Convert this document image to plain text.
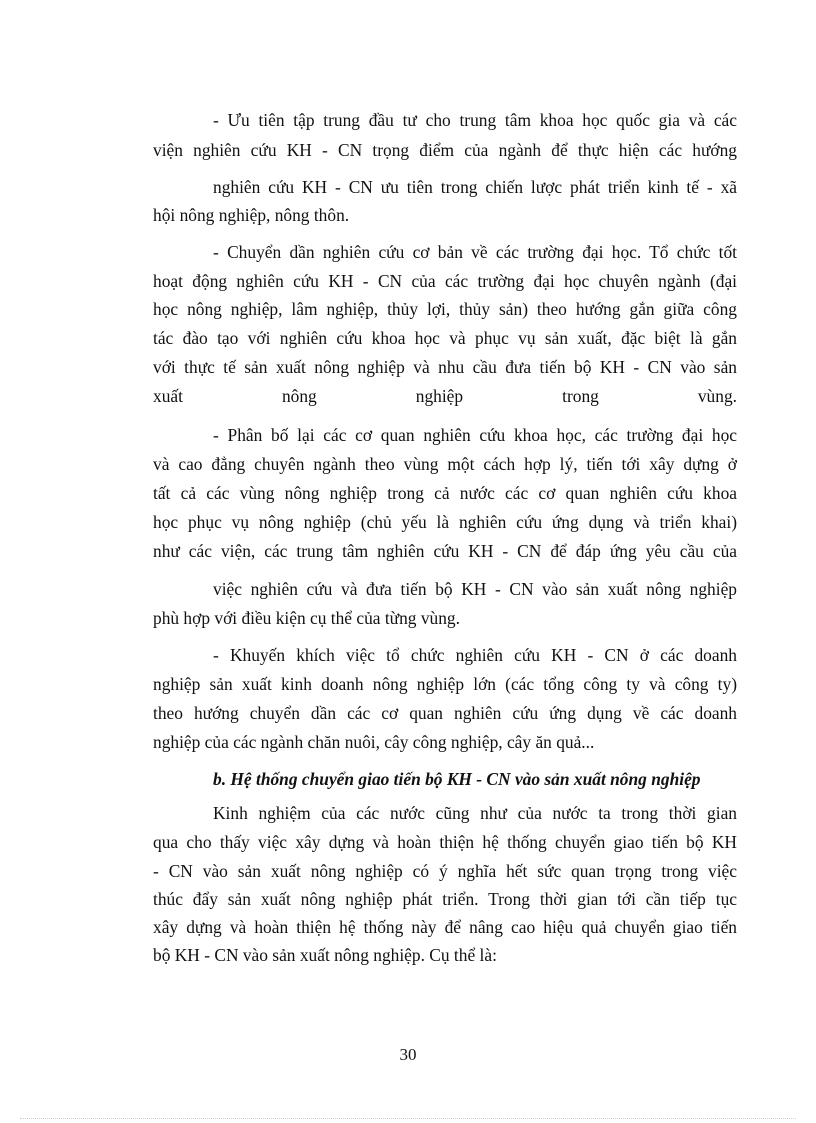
- Ưu tiên tập trung đầu tư cho trung tâm khoa học quốc gia và các
viện nghiên cứu KH - CN trọng điểm của ngành để thực hiện các hướng
nghiên cứu KH - CN ưu tiên trong chiến lược phát triển kinh tế - xã
hội nông nghiệp, nông thôn.
- Chuyển dần nghiên cứu cơ bản về các trường đại học. Tổ chức tốt
hoạt động nghiên cứu KH - CN của các trường đại học chuyên ngành (đại
học nông nghiệp, lâm nghiệp, thủy lợi, thủy sản) theo hướng gắn giữa công
tác đào tạo với nghiên cứu khoa học và phục vụ sản xuất, đặc biệt là gắn
với thực tế sản xuất nông nghiệp và nhu cầu đưa tiến bộ KH - CN vào sản
xuất nông nghiệp trong vùng.
- Phân bố lại các cơ quan nghiên cứu khoa học, các trường đại học
và cao đẳng chuyên ngành theo vùng một cách hợp lý, tiến tới xây dựng ở
tất cả các vùng nông nghiệp trong cả nước các cơ quan nghiên cứu khoa
học phục vụ nông nghiệp (chủ yếu là nghiên cứu ứng dụng và triển khai)
như các viện, các trung tâm nghiên cứu KH - CN để đáp ứng yêu cầu của
việc nghiên cứu và đưa tiến bộ KH - CN vào sản xuất nông nghiệp
phù hợp với điều kiện cụ thể của từng vùng.
- Khuyến khích việc tổ chức nghiên cứu KH - CN ở các doanh
nghiệp sản xuất kinh doanh nông nghiệp lớn (các tổng công ty và công ty)
theo hướng chuyển dần các cơ quan nghiên cứu ứng dụng về các doanh
nghiệp của các ngành chăn nuôi, cây công nghiệp, cây ăn quả...
b. Hệ thống chuyển giao tiến bộ KH - CN vào sản xuất nông nghiệp
Kinh nghiệm của các nước cũng như của nước ta trong thời gian
qua cho thấy việc xây dựng và hoàn thiện hệ thống chuyển giao tiến bộ KH
- CN vào sản xuất nông nghiệp có ý nghĩa hết sức quan trọng trong việc
thúc đẩy sản xuất nông nghiệp phát triển. Trong thời gian tới cần tiếp tục
xây dựng và hoàn thiện hệ thống này để nâng cao hiệu quả chuyển giao tiến
bộ KH - CN vào sản xuất nông nghiệp. Cụ thể là:
30
